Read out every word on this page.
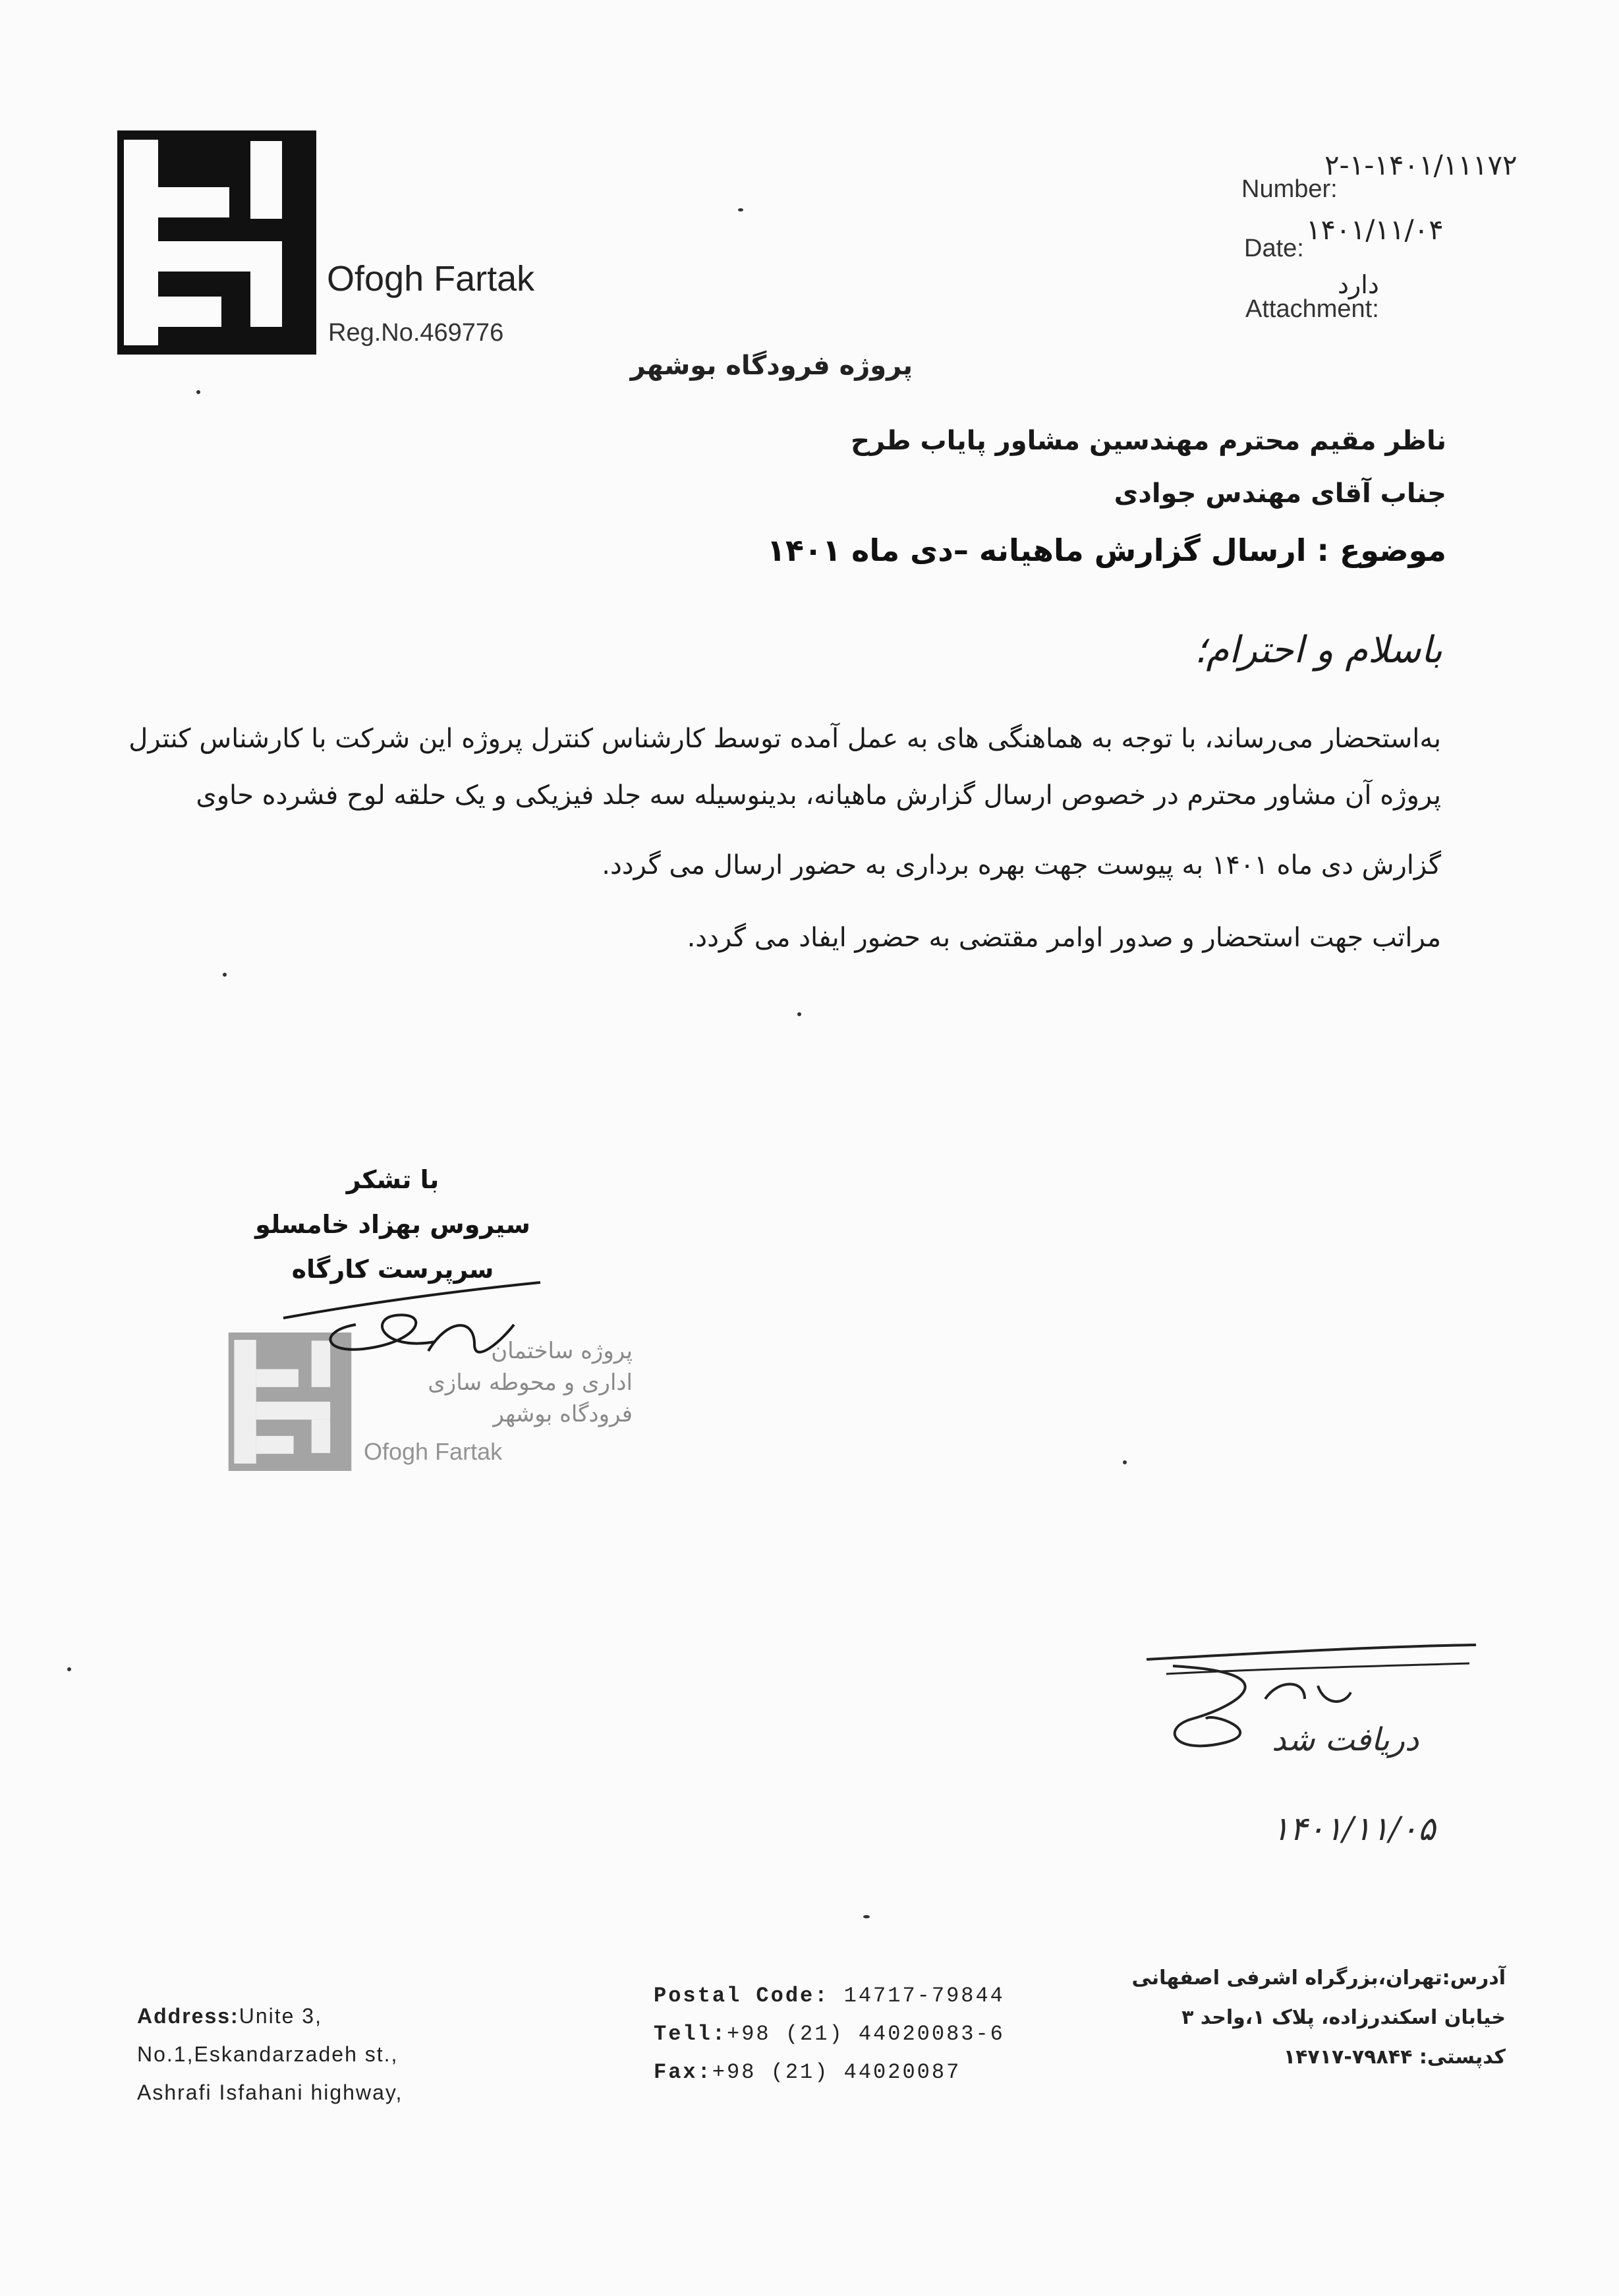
Ofogh Fartak
Reg.No.469776
Number:
۲-۱-۱۴۰۱/۱۱۱۷۲
Date:
۱۴۰۱/۱۱/۰۴
Attachment:
دارد
پروژه فرودگاه بوشهر
ناظر مقیم محترم مهندسین مشاور پایاب طرح
جناب آقای مهندس جوادی
موضوع : ارسال گزارش ماهیانه –دی ماه ۱۴۰۱
باسلام و احترام؛
به‌استحضار می‌رساند، با توجه به هماهنگی های به عمل آمده توسط کارشناس کنترل پروژه این شرکت با کارشناس کنترل
پروژه آن مشاور محترم در خصوص ارسال گزارش ماهیانه، بدینوسیله سه جلد فیزیکی و یک حلقه لوح فشرده حاوی
گزارش دی ماه ۱۴۰۱ به پیوست جهت بهره برداری به حضور ارسال می گردد.
مراتب جهت استحضار و صدور اوامر مقتضی به حضور ایفاد می گردد.
با تشکر
سیروس بهزاد خامسلو
سرپرست کارگاه
پروژه ساختمان
اداری و محوطه سازی
فرودگاه بوشهر
Ofogh Fartak
دریافت شد
۱۴۰۱/۱۱/۰۵
Address:Unite 3,
No.1,Eskandarzadeh st.,
Ashrafi Isfahani highway,
Postal Code: 14717-79844
Tell:+98 (21) 44020083-6
Fax:+98 (21) 44020087
آدرس:تهران،بزرگراه اشرفی اصفهانی
خیابان اسکندرزاده، پلاک ۱،واحد ۳
کدپستی: ۷۹۸۴۴-۱۴۷۱۷
